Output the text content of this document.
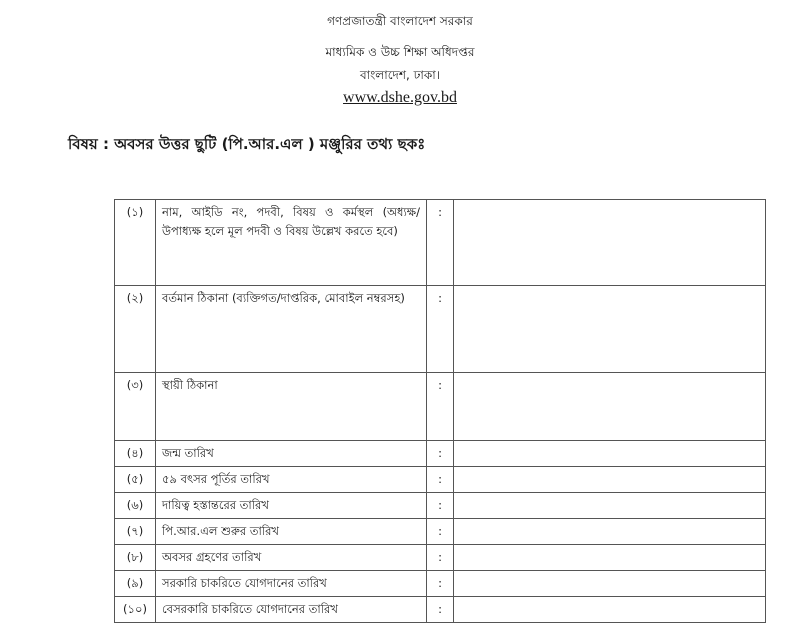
গণপ্রজাতন্ত্রী বাংলাদেশ সরকার
মাধ্যমিক ও উচ্চ শিক্ষা অধিদপ্তর
বাংলাদেশ, ঢাকা।
www.dshe.gov.bd
বিষয় : অবসর উত্তর ছুটি (পি.আর.এল ) মঞ্জুরির তথ্য ছকঃ
(১)	নাম, আইডি নং, পদবী, বিষয় ও কর্মস্থল (অধ্যক্ষ/উপাধ্যক্ষ হলে মূল পদবী ও বিষয় উল্লেখ করতে হবে)	:	
(২)	বর্তমান ঠিকানা (ব্যক্তিগত/দাপ্তরিক, মোবাইল নম্বরসহ)	:	
(৩)	স্থায়ী ঠিকানা	:	
(৪)	জন্ম তারিখ	:	
(৫)	৫৯ বৎসর পূর্তির তারিখ	:	
(৬)	দায়িত্ব হস্তান্তরের তারিখ	:	
(৭)	পি.আর.এল শুরুর তারিখ	:	
(৮)	অবসর গ্রহণের তারিখ	:	
(৯)	সরকারি চাকরিতে যোগদানের তারিখ	:	
(১০)	বেসরকারি চাকরিতে যোগদানের তারিখ	:	
